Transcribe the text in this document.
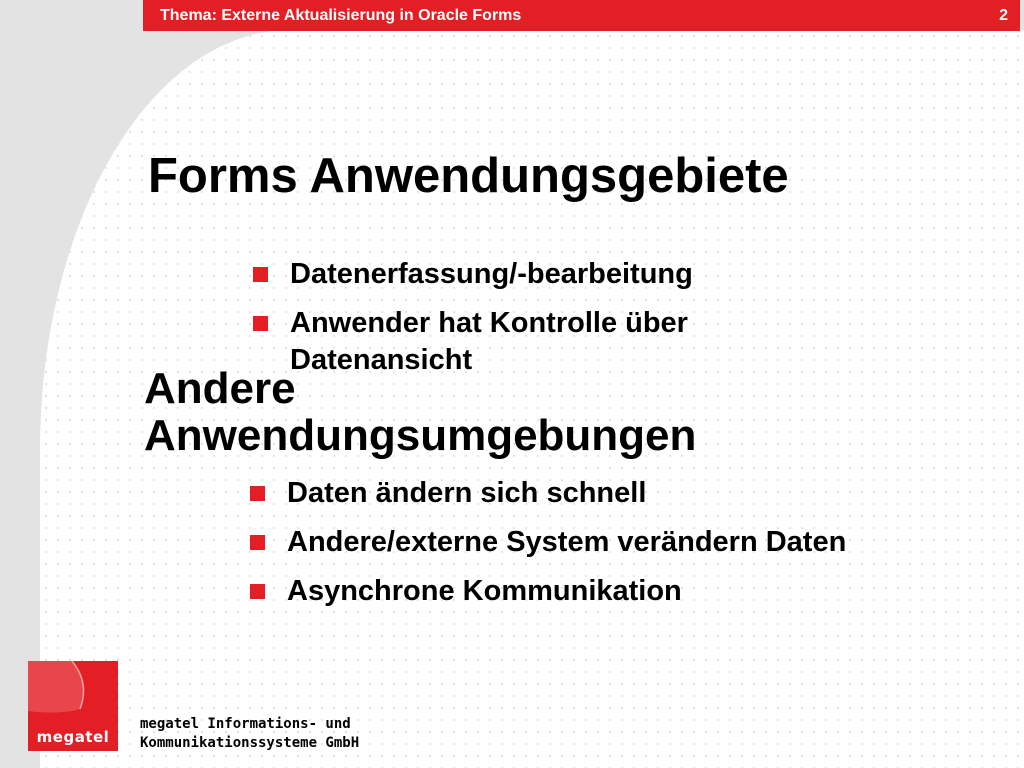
Thema: Externe Aktualisierung in Oracle Forms	2
Forms Anwendungsgebiete
Datenerfassung/-bearbeitung
Anwender hat Kontrolle über Datenansicht
Andere Anwendungsumgebungen
Daten ändern sich schnell
Andere/externe System verändern Daten
Asynchrone Kommunikation
megatel
megatel Informations- und
Kommunikationssysteme GmbH
